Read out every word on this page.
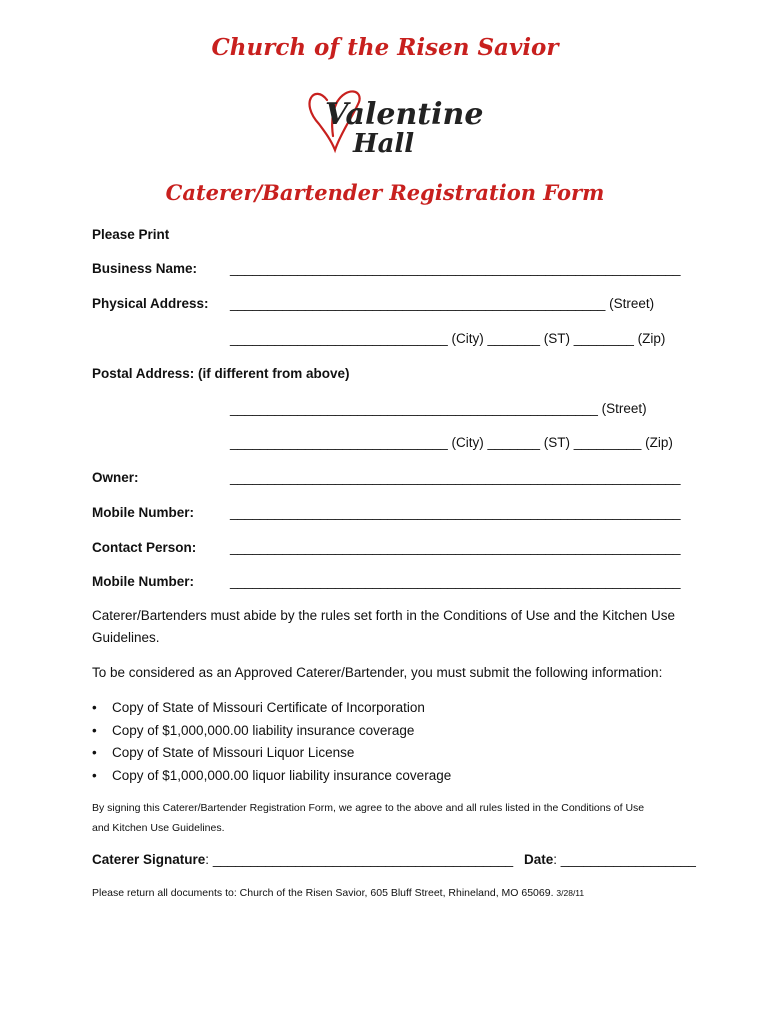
Church of the Risen Savior
Valentine
Hall
Caterer/Bartender Registration Form
Please Print
Business Name: ____________________________________________________________
Physical Address: __________________________________________________ (Street)
_____________________________ (City) _______ (ST) ________ (Zip)
Postal Address: (if different from above)
_________________________________________________ (Street)
_____________________________ (City) _______ (ST) _________ (Zip)
Owner:	____________________________________________________________
Mobile Number:	____________________________________________________________
Contact Person: ____________________________________________________________
Mobile Number:	____________________________________________________________
Caterer/Bartenders must abide by the rules set forth in the Conditions of Use and the Kitchen Use
Guidelines.
To be considered as an Approved Caterer/Bartender, you must submit the following information:
• Copy of State of Missouri Certificate of Incorporation
• Copy of $1,000,000.00 liability insurance coverage
• Copy of State of Missouri Liquor License
• Copy of $1,000,000.00 liquor liability insurance coverage
By signing this Caterer/Bartender Registration Form, we agree to the above and all rules listed in the Conditions of Use
and Kitchen Use Guidelines.
Caterer Signature: ________________________________________ Date: __________________
Please return all documents to: Church of the Risen Savior, 605 Bluff Street, Rhineland, MO 65069. 3/28/11
